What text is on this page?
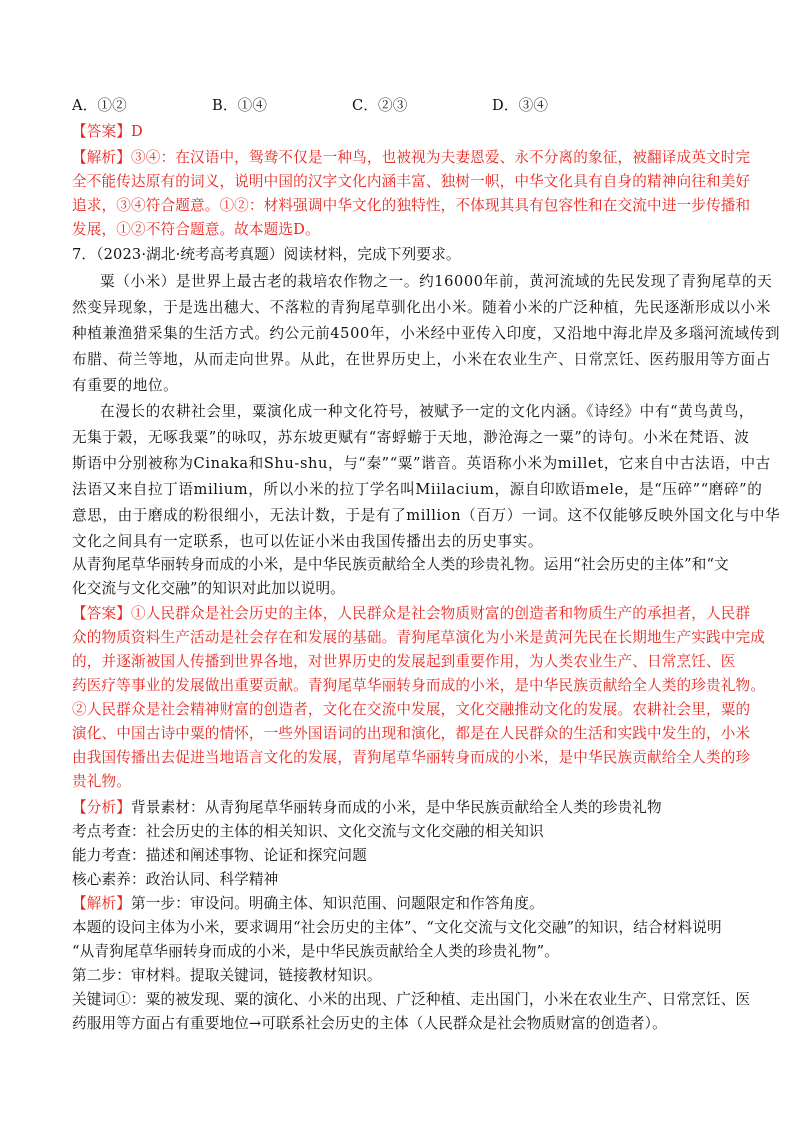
A．①②	B．①④	C．②③	D．③④
【答案】D
【解析】③④：在汉语中，鸳鸯不仅是一种鸟，也被视为夫妻恩爱、永不分离的象征，被翻译成英文时完
全不能传达原有的词义，说明中国的汉字文化内涵丰富、独树一帜，中华文化具有自身的精神向往和美好
追求，③④符合题意。①②：材料强调中华文化的独特性，不体现其具有包容性和在交流中进一步传播和
发展，①②不符合题意。故本题选D。
7．（2023·湖北·统考高考真题）阅读材料，完成下列要求。
粟（小米）是世界上最古老的栽培农作物之一。约16000年前，黄河流域的先民发现了青狗尾草的天
然变异现象，于是选出穗大、不落粒的青狗尾草驯化出小米。随着小米的广泛种植，先民逐渐形成以小米
种植兼渔猎采集的生活方式。约公元前4500年，小米经中亚传入印度，又沿地中海北岸及多瑙河流域传到
布腊、荷兰等地，从而走向世界。从此，在世界历史上，小米在农业生产、日常烹饪、医药服用等方面占
有重要的地位。
在漫长的农耕社会里，粟演化成一种文化符号，被赋予一定的文化内涵。《诗经》中有“黄鸟黄鸟，
无集于榖，无啄我粟”的咏叹，苏东坡更赋有“寄蜉蝣于天地，渺沧海之一粟”的诗句。小米在梵语、波
斯语中分别被称为Cinaka和Shu-shu，与“秦”“粟”谐音。英语称小米为millet，它来自中古法语，中古
法语又来自拉丁语milium，所以小米的拉丁学名叫Miilacium，源自印欧语mele，是“压碎”“磨碎”的
意思，由于磨成的粉很细小，无法计数，于是有了million（百万）一词。这不仅能够反映外国文化与中华
文化之间具有一定联系，也可以佐证小米由我国传播出去的历史事实。
从青狗尾草华丽转身而成的小米，是中华民族贡献给全人类的珍贵礼物。运用“社会历史的主体”和“文
化交流与文化交融”的知识对此加以说明。
【答案】①人民群众是社会历史的主体，人民群众是社会物质财富的创造者和物质生产的承担者，人民群
众的物质资料生产活动是社会存在和发展的基础。青狗尾草演化为小米是黄河先民在长期地生产实践中完成
的，并逐渐被国人传播到世界各地，对世界历史的发展起到重要作用，为人类农业生产、日常烹饪、医
药医疗等事业的发展做出重要贡献。青狗尾草华丽转身而成的小米，是中华民族贡献给全人类的珍贵礼物。
②人民群众是社会精神财富的创造者，文化在交流中发展，文化交融推动文化的发展。农耕社会里，粟的
演化、中国古诗中粟的情怀，一些外国语词的出现和演化，都是在人民群众的生活和实践中发生的，小米
由我国传播出去促进当地语言文化的发展，青狗尾草华丽转身而成的小米，是中华民族贡献给全人类的珍
贵礼物。
【分析】背景素材：从青狗尾草华丽转身而成的小米，是中华民族贡献给全人类的珍贵礼物
考点考查：社会历史的主体的相关知识、文化交流与文化交融的相关知识
能力考查：描述和阐述事物、论证和探究问题
核心素养：政治认同、科学精神
【解析】第一步：审设问。明确主体、知识范围、问题限定和作答角度。
本题的设问主体为小米，要求调用“社会历史的主体”、“文化交流与文化交融”的知识，结合材料说明
“从青狗尾草华丽转身而成的小米，是中华民族贡献给全人类的珍贵礼物”。
第二步：审材料。提取关键词，链接教材知识。
关键词①：粟的被发现、粟的演化、小米的出现、广泛种植、走出国门，小米在农业生产、日常烹饪、医
药服用等方面占有重要地位→可联系社会历史的主体（人民群众是社会物质财富的创造者）。
